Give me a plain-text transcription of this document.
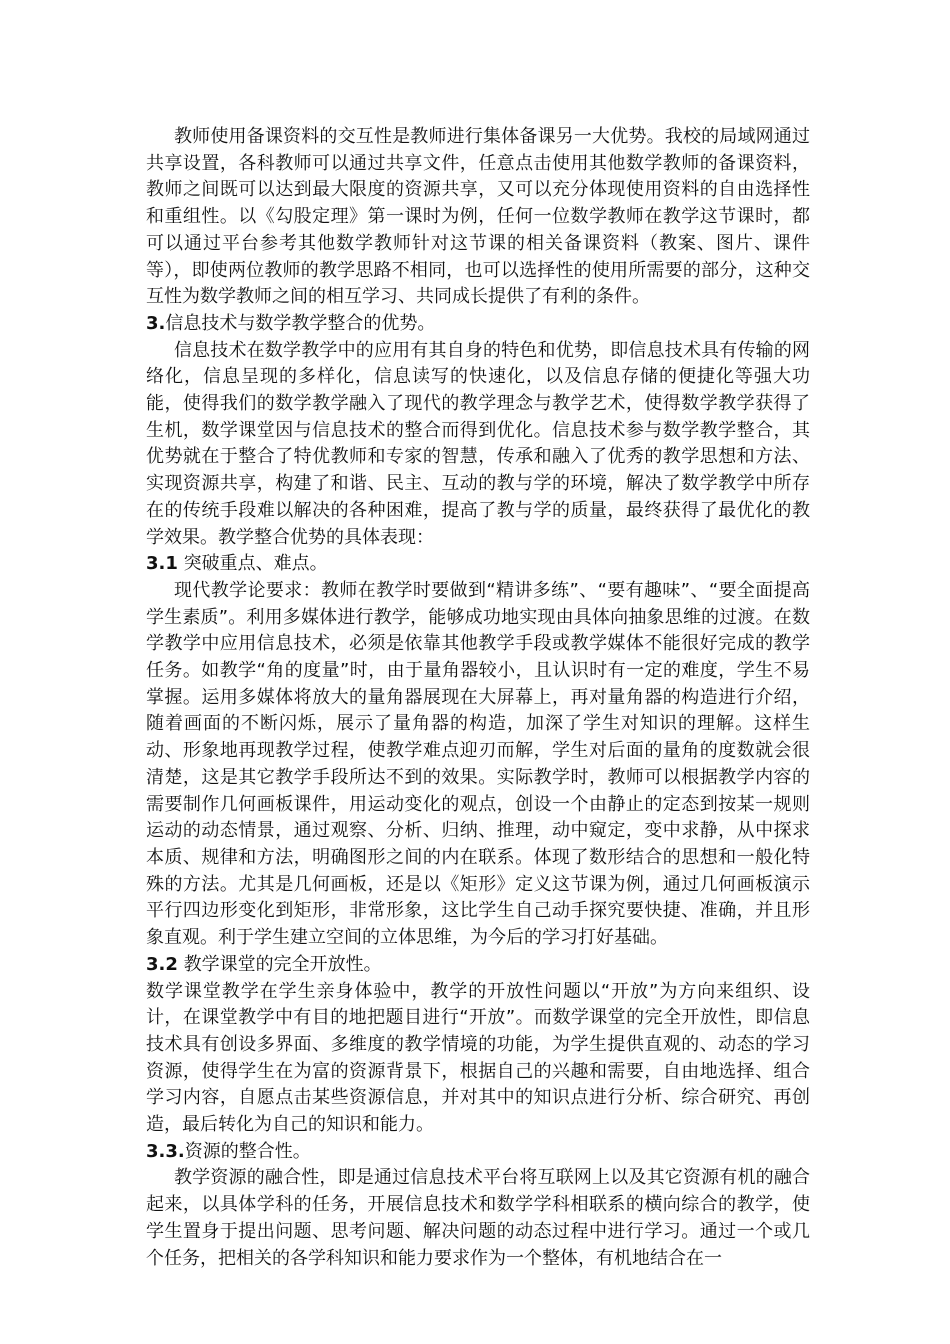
教师使用备课资料的交互性是教师进行集体备课另一大优势。我校的局域网通过共享设置，各科教师可以通过共享文件，任意点击使用其他数学教师的备课资料，教师之间既可以达到最大限度的资源共享，又可以充分体现使用资料的自由选择性和重组性。以《勾股定理》第一课时为例，任何一位数学教师在教学这节课时，都可以通过平台参考其他数学教师针对这节课的相关备课资料（教案、图片、课件等），即使两位教师的教学思路不相同，也可以选择性的使用所需要的部分，这种交互性为数学教师之间的相互学习、共同成长提供了有利的条件。

3.信息技术与数学教学整合的优势。

信息技术在数学教学中的应用有其自身的特色和优势，即信息技术具有传输的网络化，信息呈现的多样化，信息读写的快速化，以及信息存储的便捷化等强大功能，使得我们的数学教学融入了现代的教学理念与教学艺术，使得数学教学获得了生机，数学课堂因与信息技术的整合而得到优化。信息技术参与数学教学整合，其优势就在于整合了特优教师和专家的智慧，传承和融入了优秀的教学思想和方法、实现资源共享，构建了和谐、民主、互动的教与学的环境，解决了数学教学中所存在的传统手段难以解决的各种困难，提高了教与学的质量，最终获得了最优化的教学效果。教学整合优势的具体表现：

3.1 突破重点、难点。

现代教学论要求：教师在教学时要做到“精讲多练”、“要有趣味”、“要全面提高学生素质”。利用多媒体进行教学，能够成功地实现由具体向抽象思维的过渡。在数学教学中应用信息技术，必须是依靠其他教学手段或教学媒体不能很好完成的教学任务。如教学“角的度量”时，由于量角器较小，且认识时有一定的难度，学生不易掌握。运用多媒体将放大的量角器展现在大屏幕上，再对量角器的构造进行介绍，随着画面的不断闪烁，展示了量角器的构造，加深了学生对知识的理解。这样生动、形象地再现教学过程，使教学难点迎刃而解，学生对后面的量角的度数就会很清楚，这是其它教学手段所达不到的效果。实际教学时，教师可以根据教学内容的需要制作几何画板课件，用运动变化的观点，创设一个由静止的定态到按某一规则运动的动态情景，通过观察、分析、归纳、推理，动中窥定，变中求静，从中探求本质、规律和方法，明确图形之间的内在联系。体现了数形结合的思想和一般化特殊的方法。尤其是几何画板，还是以《矩形》定义这节课为例，通过几何画板演示平行四边形变化到矩形，非常形象，这比学生自己动手探究要快捷、准确，并且形象直观。利于学生建立空间的立体思维，为今后的学习打好基础。

3.2 教学课堂的完全开放性。

数学课堂教学在学生亲身体验中，教学的开放性问题以“开放”为方向来组织、设计，在课堂教学中有目的地把题目进行“开放”。而数学课堂的完全开放性，即信息技术具有创设多界面、多维度的教学情境的功能，为学生提供直观的、动态的学习资源，使得学生在为富的资源背景下，根据自己的兴趣和需要，自由地选择、组合学习内容，自愿点击某些资源信息，并对其中的知识点进行分析、综合研究、再创造，最后转化为自己的知识和能力。

3.3.资源的整合性。

教学资源的融合性，即是通过信息技术平台将互联网上以及其它资源有机的融合起来，以具体学科的任务，开展信息技术和数学学科相联系的横向综合的教学，使学生置身于提出问题、思考问题、解决问题的动态过程中进行学习。通过一个或几个任务，把相关的各学科知识和能力要求作为一个整体，有机地结合在一
